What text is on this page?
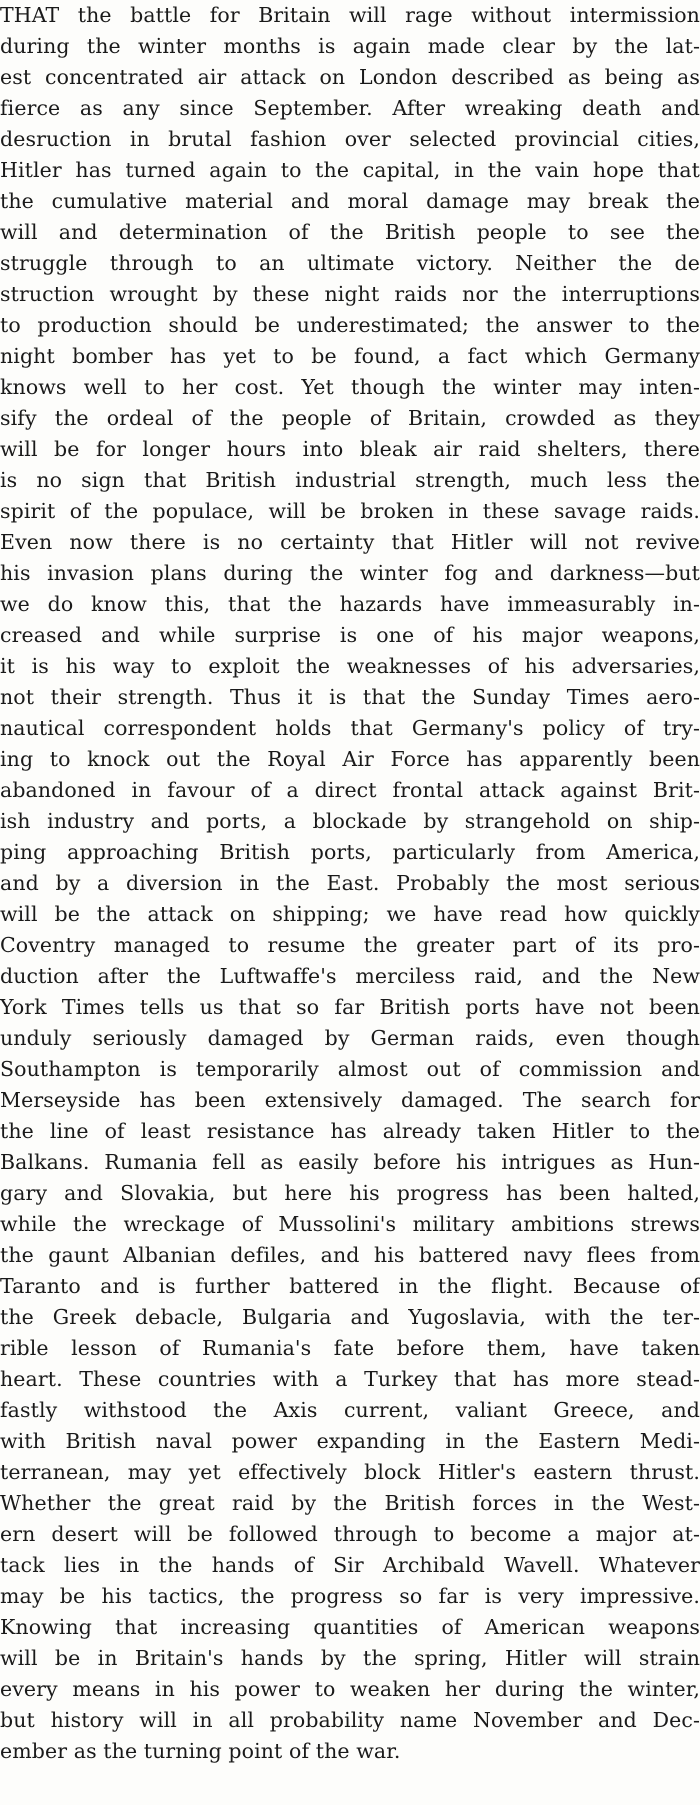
THAT the battle for Britain will rage without intermission
during the winter months is again made clear by the lat-
est concentrated air attack on London described as being as
fierce as any since September. After wreaking death and
desruction in brutal fashion over selected provincial cities,
Hitler has turned again to the capital, in the vain hope that
the cumulative material and moral damage may break the
will and determination of the British people to see the
struggle through to an ultimate victory. Neither the de
struction wrought by these night raids nor the interruptions
to production should be underestimated; the answer to the
night bomber has yet to be found, a fact which Germany
knows well to her cost. Yet though the winter may inten-
sify the ordeal of the people of Britain, crowded as they
will be for longer hours into bleak air raid shelters, there
is no sign that British industrial strength, much less the
spirit of the populace, will be broken in these savage raids.
Even now there is no certainty that Hitler will not revive
his invasion plans during the winter fog and darkness—but
we do know this, that the hazards have immeasurably in-
creased and while surprise is one of his major weapons,
it is his way to exploit the weaknesses of his adversaries,
not their strength. Thus it is that the Sunday Times aero-
nautical correspondent holds that Germany's policy of try-
ing to knock out the Royal Air Force has apparently been
abandoned in favour of a direct frontal attack against Brit-
ish industry and ports, a blockade by strangehold on ship-
ping approaching British ports, particularly from America,
and by a diversion in the East. Probably the most serious
will be the attack on shipping; we have read how quickly
Coventry managed to resume the greater part of its pro-
duction after the Luftwaffe's merciless raid, and the New
York Times tells us that so far British ports have not been
unduly seriously damaged by German raids, even though
Southampton is temporarily almost out of commission and
Merseyside has been extensively damaged. The search for
the line of least resistance has already taken Hitler to the
Balkans. Rumania fell as easily before his intrigues as Hun-
gary and Slovakia, but here his progress has been halted,
while the wreckage of Mussolini's military ambitions strews
the gaunt Albanian defiles, and his battered navy flees from
Taranto and is further battered in the flight. Because of
the Greek debacle, Bulgaria and Yugoslavia, with the ter-
rible lesson of Rumania's fate before them, have taken
heart. These countries with a Turkey that has more stead-
fastly withstood the Axis current, valiant Greece, and
with British naval power expanding in the Eastern Medi-
terranean, may yet effectively block Hitler's eastern thrust.
Whether the great raid by the British forces in the West-
ern desert will be followed through to become a major at-
tack lies in the hands of Sir Archibald Wavell. Whatever
may be his tactics, the progress so far is very impressive.
Knowing that increasing quantities of American weapons
will be in Britain's hands by the spring, Hitler will strain
every means in his power to weaken her during the winter,
but history will in all probability name November and Dec-
ember as the turning point of the war.
